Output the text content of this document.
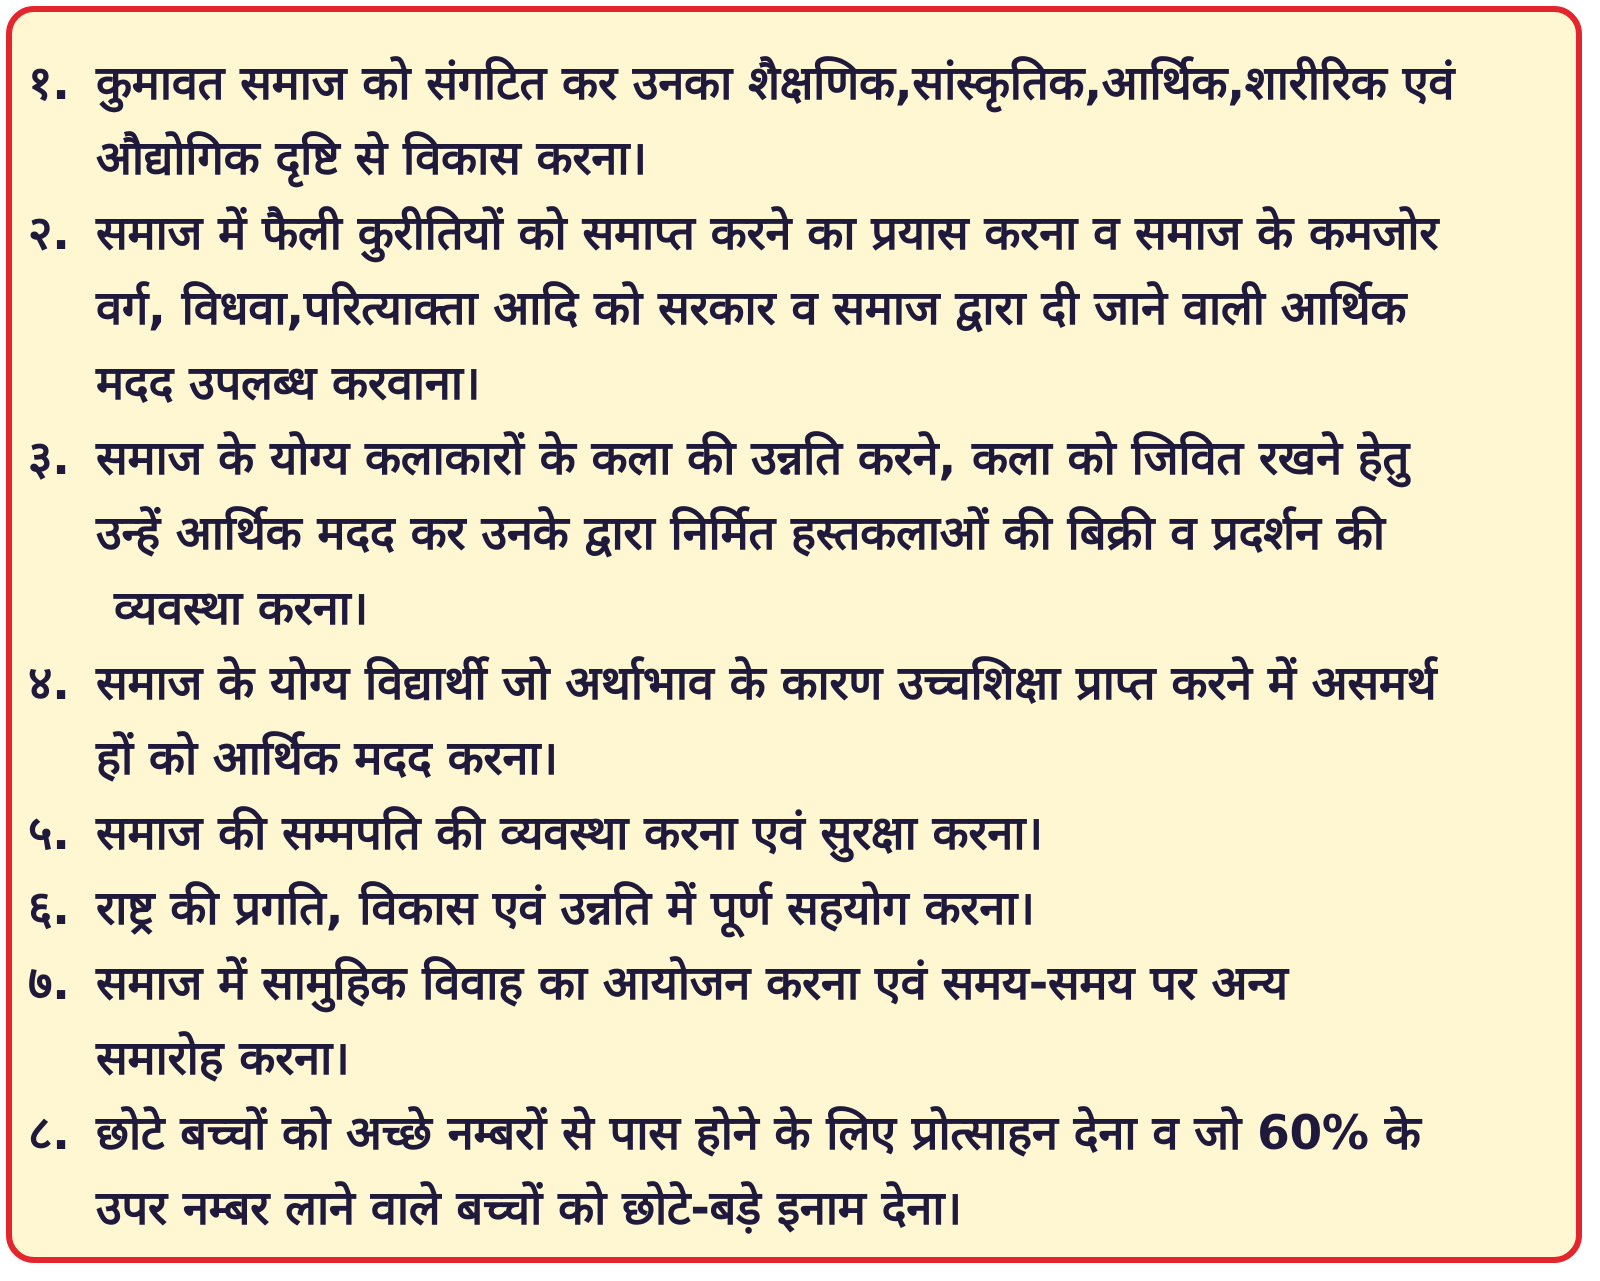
१. कुमावत समाज को संगटित कर उनका शैक्षणिक,सांस्कृतिक,आर्थिक,शारीरिक एवं
औद्योगिक दृष्टि से विकास करना।
२. समाज में फैली कुरीतियों को समाप्त करने का प्रयास करना व समाज के कमजोर
वर्ग, विधवा,परित्याक्ता आदि को सरकार व समाज द्वारा दी जाने वाली आर्थिक
मदद उपलब्ध करवाना।
३. समाज के योग्य कलाकारों के कला की उन्नति करने, कला को जिवित रखने हेतु
उन्हें आर्थिक मदद कर उनके द्वारा निर्मित हस्तकलाओं की बिक्री व प्रदर्शन की
व्यवस्था करना।
४. समाज के योग्य विद्यार्थी जो अर्थाभाव के कारण उच्चशिक्षा प्राप्त करने में असमर्थ
हों को आर्थिक मदद करना।
५. समाज की सम्मपति की व्यवस्था करना एवं सुरक्षा करना।
६. राष्ट्र की प्रगति, विकास एवं उन्नति में पूर्ण सहयोग करना।
७. समाज में सामुहिक विवाह का आयोजन करना एवं समय-समय पर अन्य
समारोह करना।
८. छोटे बच्चों को अच्छे नम्बरों से पास होने के लिए प्रोत्साहन देना व जो 60% के
उपर नम्बर लाने वाले बच्चों को छोटे-बड़े इनाम देना।
